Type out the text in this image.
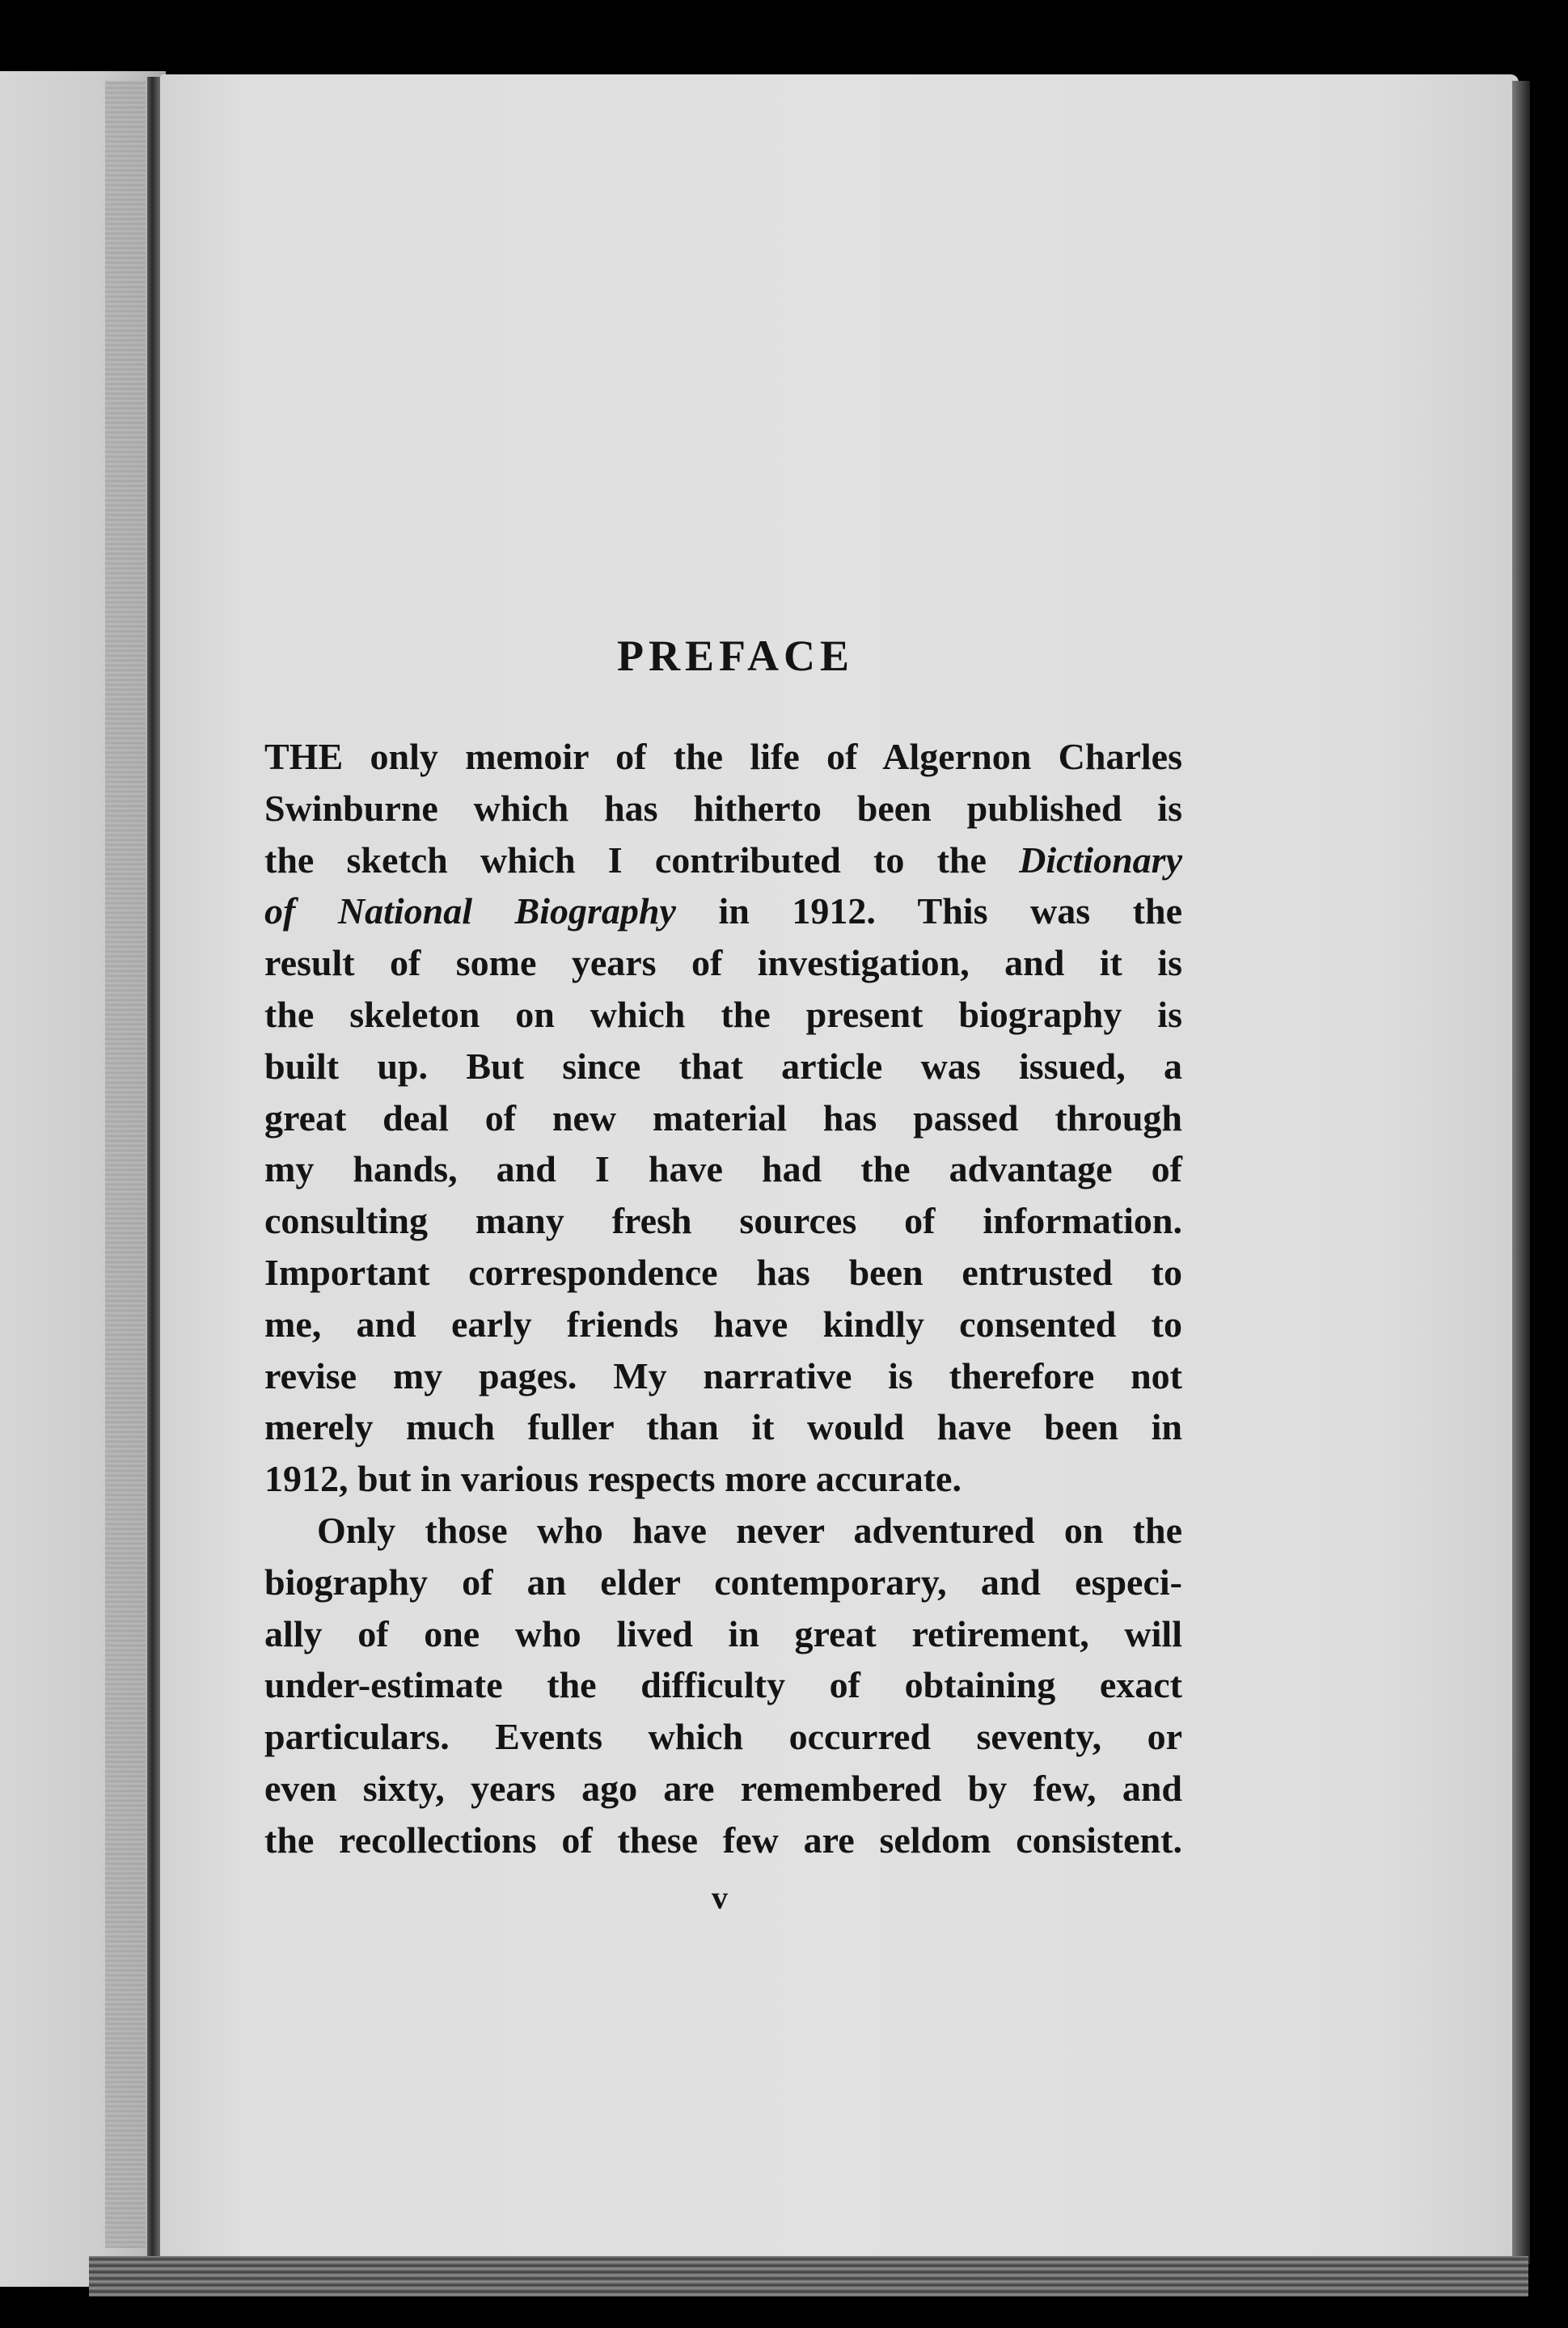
PREFACE

THE only memoir of the life of Algernon Charles
Swinburne which has hitherto been published is
the sketch which I contributed to the Dictionary
of National Biography in 1912. This was the
result of some years of investigation, and it is
the skeleton on which the present biography is
built up. But since that article was issued, a
great deal of new material has passed through
my hands, and I have had the advantage of
consulting many fresh sources of information.
Important correspondence has been entrusted to
me, and early friends have kindly consented to
revise my pages. My narrative is therefore not
merely much fuller than it would have been in
1912, but in various respects more accurate.

Only those who have never adventured on the
biography of an elder contemporary, and especi-
ally of one who lived in great retirement, will
under-estimate the difficulty of obtaining exact
particulars. Events which occurred seventy, or
even sixty, years ago are remembered by few, and
the recollections of these few are seldom consistent.

v
